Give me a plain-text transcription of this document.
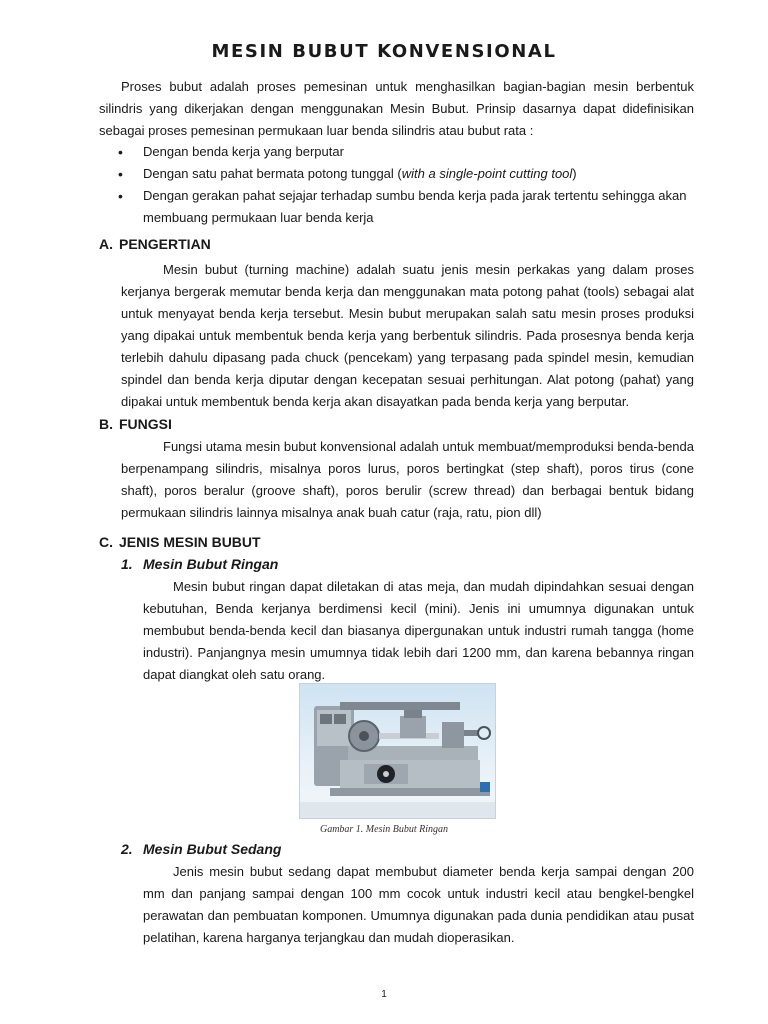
MESIN BUBUT KONVENSIONAL

Proses bubut adalah proses pemesinan untuk menghasilkan bagian-bagian mesin berbentuk silindris yang dikerjakan dengan menggunakan Mesin Bubut. Prinsip dasarnya dapat didefinisikan sebagai proses pemesinan permukaan luar benda silindris atau bubut rata :

• Dengan benda kerja yang berputar
• Dengan satu pahat bermata potong tunggal (with a single-point cutting tool)
• Dengan gerakan pahat sejajar terhadap sumbu benda kerja pada jarak tertentu sehingga akan membuang permukaan luar benda kerja
A. PENGERTIAN

Mesin bubut (turning machine) adalah suatu jenis mesin perkakas yang dalam proses kerjanya bergerak memutar benda kerja dan menggunakan mata potong pahat (tools) sebagai alat untuk menyayat benda kerja tersebut. Mesin bubut merupakan salah satu mesin proses produksi yang dipakai untuk membentuk benda kerja yang berbentuk silindris. Pada prosesnya benda kerja terlebih dahulu dipasang pada chuck (pencekam) yang terpasang pada spindel mesin, kemudian spindel dan benda kerja diputar dengan kecepatan sesuai perhitungan. Alat potong (pahat) yang dipakai untuk membentuk benda kerja akan disayatkan pada benda kerja yang berputar.

B. FUNGSI

Fungsi utama mesin bubut konvensional adalah untuk membuat/memproduksi benda-benda berpenampang silindris, misalnya poros lurus, poros bertingkat (step shaft), poros tirus (cone shaft), poros beralur (groove shaft), poros berulir (screw thread) dan berbagai bentuk bidang permukaan silindris lainnya misalnya anak buah catur (raja, ratu, pion dll)

C. JENIS MESIN BUBUT
1. Mesin Bubut Ringan

Mesin bubut ringan dapat diletakan di atas meja, dan mudah dipindahkan sesuai dengan kebutuhan, Benda kerjanya berdimensi kecil (mini). Jenis ini umumnya digunakan untuk membubut benda-benda kecil dan biasanya dipergunakan untuk industri rumah tangga (home industri). Panjangnya mesin umumnya tidak lebih dari 1200 mm, dan karena bebannya ringan dapat diangkat oleh satu orang.

Gambar 1. Mesin Bubut Ringan
2. Mesin Bubut Sedang

Jenis mesin bubut sedang dapat membubut diameter benda kerja sampai dengan 200 mm dan panjang sampai dengan 100 mm cocok untuk industri kecil atau bengkel-bengkel perawatan dan pembuatan komponen. Umumnya digunakan pada dunia pendidikan atau pusat pelatihan, karena harganya terjangkau dan mudah dioperasikan.

1
